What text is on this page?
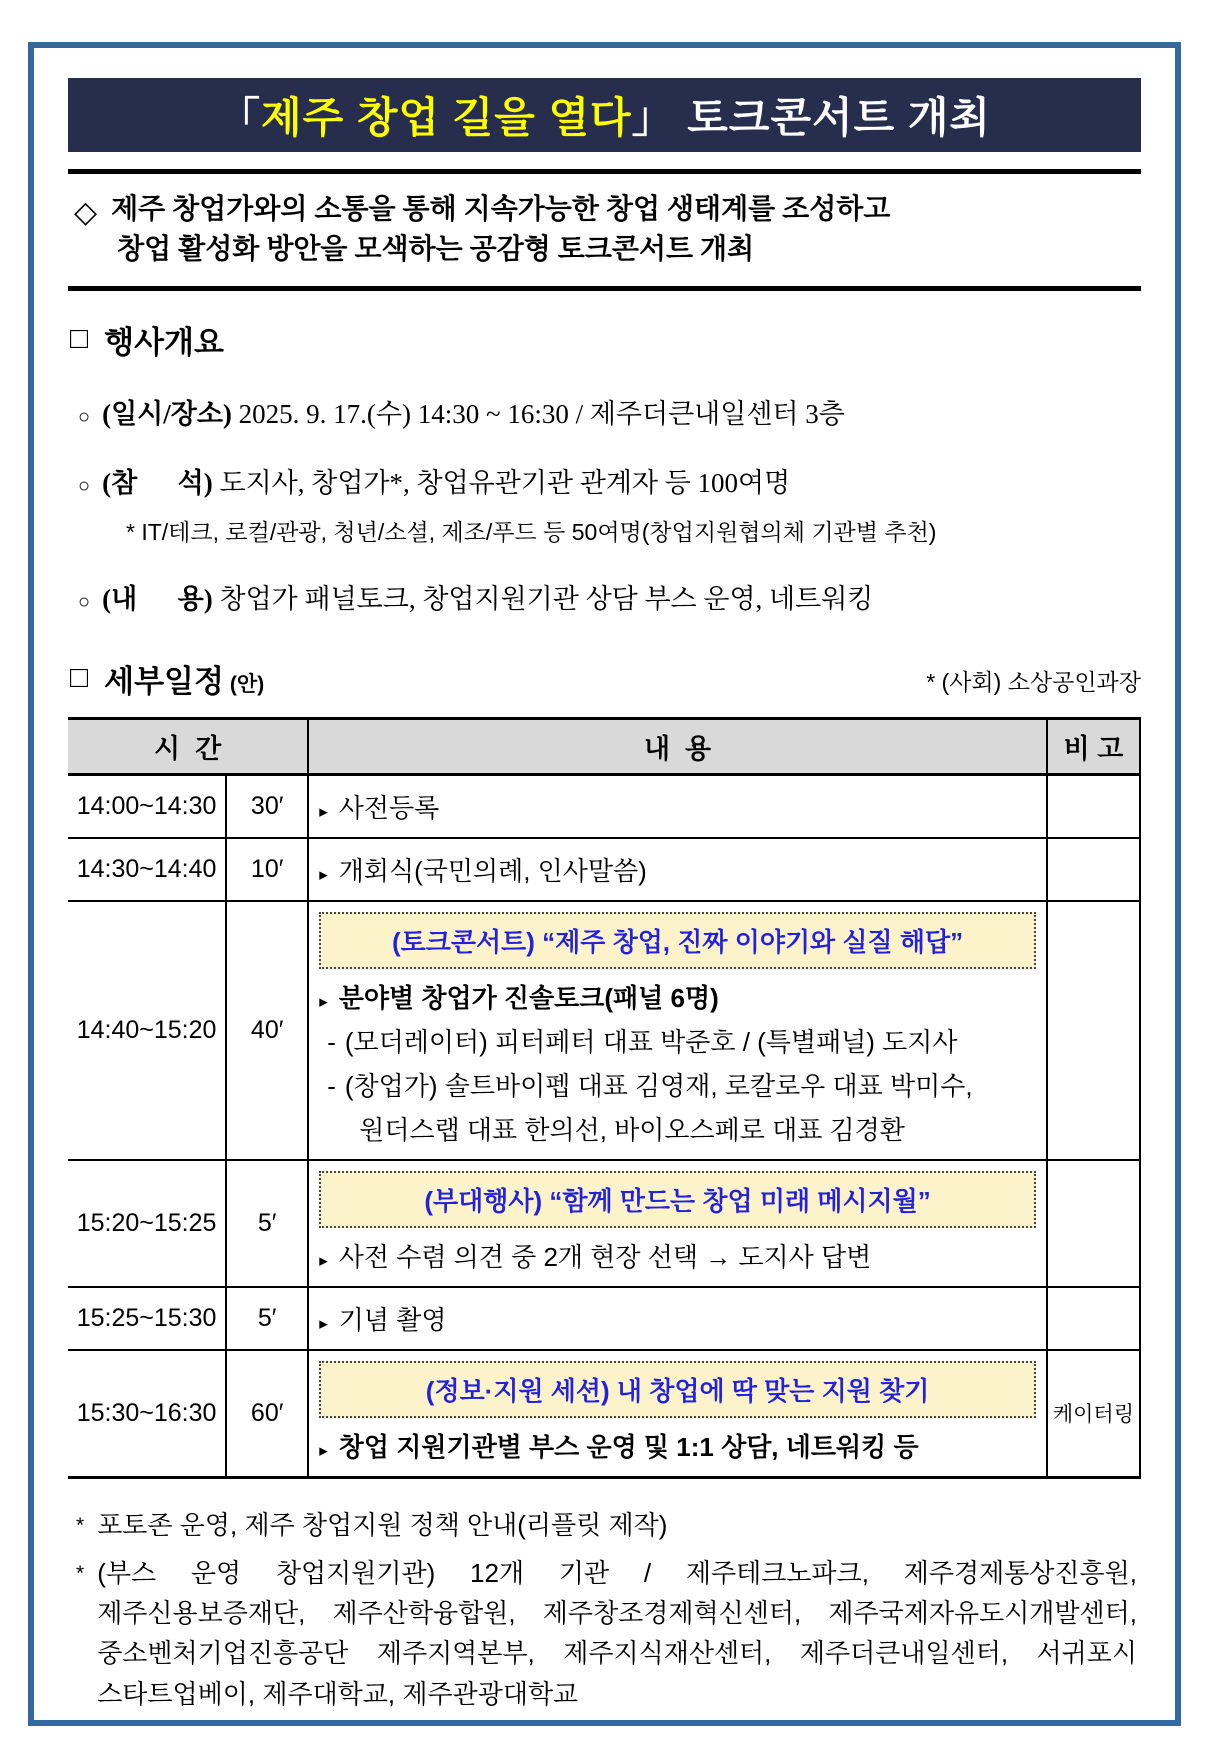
「 제주 창업 길을 열다 」 토크콘서트 개최
◇ 제주 창업가와의 소통을 통해 지속가능한 창업 생태계를 조성하고
창업 활성화 방안을 모색하는 공감형 토크콘서트 개최
□ 행사개요
○ (일시/장소) 2025. 9. 17.(수) 14:30 ~ 16:30 / 제주더큰내일센터 3층
○ (참      석) 도지사, 창업가*, 창업유관기관 관계자 등 100여명
* IT/테크, 로컬/관광, 청년/소셜, 제조/푸드 등 50여명(창업지원협의체 기관별 추천)
○ (내      용) 창업가 패널토크, 창업지원기관 상담 부스 운영, 네트워킹
□ 세부일정 (안)	* (사회) 소상공인과장
시  간		내  용	비 고
14:00~14:30	30′	▸ 사전등록	

14:30~14:40	10′	▸ 개회식(국민의례, 인사말씀)	

14:40~15:20	40′	
(토크콘서트) “제주 창업, 진짜 이야기와 실질 해답”
▸ 분야별 창업가 진솔토크(패널 6명)
- (모더레이터) 피터페터 대표 박준호 / (특별패널) 도지사
- (창업가) 솔트바이펩 대표 김영재, 로칼로우 대표 박미수,
원더스랩 대표 한의선, 바이오스페로 대표 김경환

15:20~15:25	5′	(부대행사) “함께 만드는 창업 미래 메시지월”
▸ 사전 수렴 의견 중 2개 현장 선택 → 도지사 답변	

15:25~15:30	5′	▸ 기념 촬영	

15:30~16:30	60′	(정보·지원 세션) 내 창업에 딱 맞는 지원 찾기
▸ 창업 지원기관별 부스 운영 및 1:1 상담, 네트워킹 등	케이터링
* 포토존 운영, 제주 창업지원 정책 안내(리플릿 제작)
* (부스 운영 창업지원기관) 12개 기관 / 제주테크노파크, 제주경제통상진흥원, 제주신용보증재단, 제주산학융합원, 제주창조경제혁신센터, 제주국제자유도시개발센터, 중소벤처기업진흥공단 제주지역본부, 제주지식재산센터, 제주더큰내일센터, 서귀포시 스타트업베이, 제주대학교, 제주관광대학교
